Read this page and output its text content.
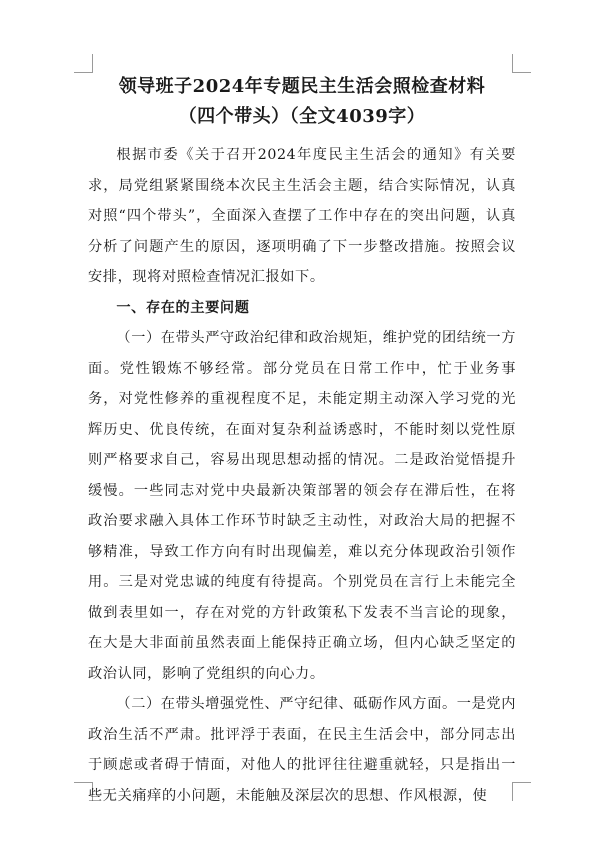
领导班子2024年专题民主生活会照检查材料
（四个带头）（全文4039字）

根据市委《关于召开2024年度民主生活会的通知》有关要求，局党组紧紧围绕本次民主生活会主题，结合实际情况，认真对照“四个带头”，全面深入查摆了工作中存在的突出问题，认真分析了问题产生的原因，逐项明确了下一步整改措施。按照会议安排，现将对照检查情况汇报如下。

一、存在的主要问题

（一）在带头严守政治纪律和政治规矩，维护党的团结统一方面。党性锻炼不够经常。部分党员在日常工作中，忙于业务事务，对党性修养的重视程度不足，未能定期主动深入学习党的光辉历史、优良传统，在面对复杂利益诱惑时，不能时刻以党性原则严格要求自己，容易出现思想动摇的情况。二是政治觉悟提升缓慢。一些同志对党中央最新决策部署的领会存在滞后性，在将政治要求融入具体工作环节时缺乏主动性，对政治大局的把握不够精准，导致工作方向有时出现偏差，难以充分体现政治引领作用。三是对党忠诚的纯度有待提高。个别党员在言行上未能完全做到表里如一，存在对党的方针政策私下发表不当言论的现象，在大是大非面前虽然表面上能保持正确立场，但内心缺乏坚定的政治认同，影响了党组织的向心力。

（二）在带头增强党性、严守纪律、砥砺作风方面。一是党内政治生活不严肃。批评浮于表面，在民主生活会中，部分同志出于顾虑或者碍于情面，对他人的批评往往避重就轻，只是指出一些无关痛痒的小问题，未能触及深层次的思想、作风根源，使
